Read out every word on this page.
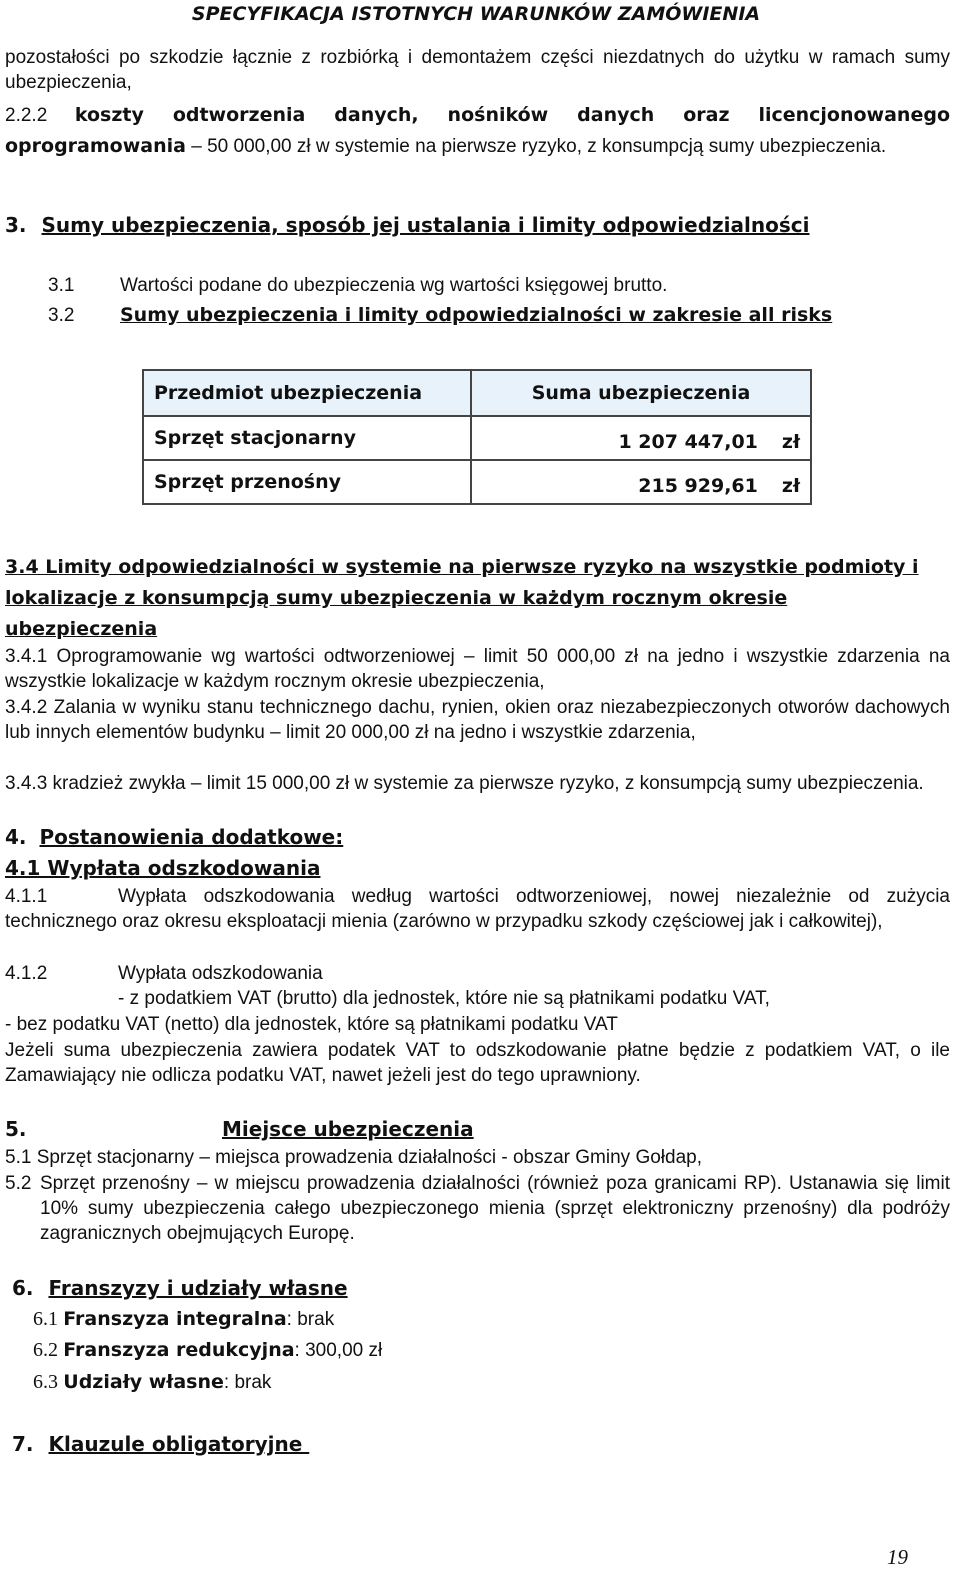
SPECYFIKACJA ISTOTNYCH WARUNKÓW ZAMÓWIENIA
pozostałości po szkodzie łącznie z rozbiórką i demontażem części niezdatnych do użytku w ramach sumy ubezpieczenia,
2.2.2 koszty odtworzenia danych, nośników danych oraz licencjonowanego oprogramowania – 50 000,00 zł w systemie na pierwsze ryzyko, z konsumpcją sumy ubezpieczenia.
3. Sumy ubezpieczenia, sposób jej ustalania i limity odpowiedzialności
3.1 Wartości podane do ubezpieczenia wg wartości księgowej brutto.
3.2 Sumy ubezpieczenia i limity odpowiedzialności w zakresie all risks
Przedmiot ubezpieczenia	Suma ubezpieczenia
Sprzęt stacjonarny	1 207 447,01 zł

Sprzęt przenośny	215 929,61 zł
3.4 Limity odpowiedzialności w systemie na pierwsze ryzyko na wszystkie podmioty i lokalizacje z konsumpcją sumy ubezpieczenia w każdym rocznym okresie ubezpieczenia
3.4.1 Oprogramowanie wg wartości odtworzeniowej – limit 50 000,00 zł na jedno i wszystkie zdarzenia na wszystkie lokalizacje w każdym rocznym okresie ubezpieczenia,
3.4.2 Zalania w wyniku stanu technicznego dachu, rynien, okien oraz niezabezpieczonych otworów dachowych lub innych elementów budynku – limit 20 000,00 zł na jedno i wszystkie zdarzenia,
3.4.3 kradzież zwykła – limit 15 000,00 zł w systemie za pierwsze ryzyko, z konsumpcją sumy ubezpieczenia.
4. Postanowienia dodatkowe:
4.1 Wypłata odszkodowania
4.1.1	Wypłata odszkodowania według wartości odtworzeniowej, nowej niezależnie od zużycia technicznego oraz okresu eksploatacji mienia (zarówno w przypadku szkody częściowej jak i całkowitej),
4.1.2	Wypłata odszkodowania
- z podatkiem VAT (brutto) dla jednostek, które nie są płatnikami podatku VAT,
- bez podatku VAT (netto) dla jednostek, które są płatnikami podatku VAT
Jeżeli suma ubezpieczenia zawiera podatek VAT to odszkodowanie płatne będzie z podatkiem VAT, o ile Zamawiający nie odlicza podatku VAT, nawet jeżeli jest do tego uprawniony.
5.	Miejsce ubezpieczenia
5.1 Sprzęt stacjonarny – miejsca prowadzenia działalności - obszar Gminy Gołdap,
5.2 Sprzęt przenośny – w miejscu prowadzenia działalności (również poza granicami RP). Ustanawia się limit 10% sumy ubezpieczenia całego ubezpieczonego mienia (sprzęt elektroniczny przenośny) dla podróży zagranicznych obejmujących Europę.
6. Franszyzy i udziały własne
6.1 Franszyza integralna: brak
6.2 Franszyza redukcyjna: 300,00 zł
6.3 Udziały własne: brak
7. Klauzule obligatoryjne
19
